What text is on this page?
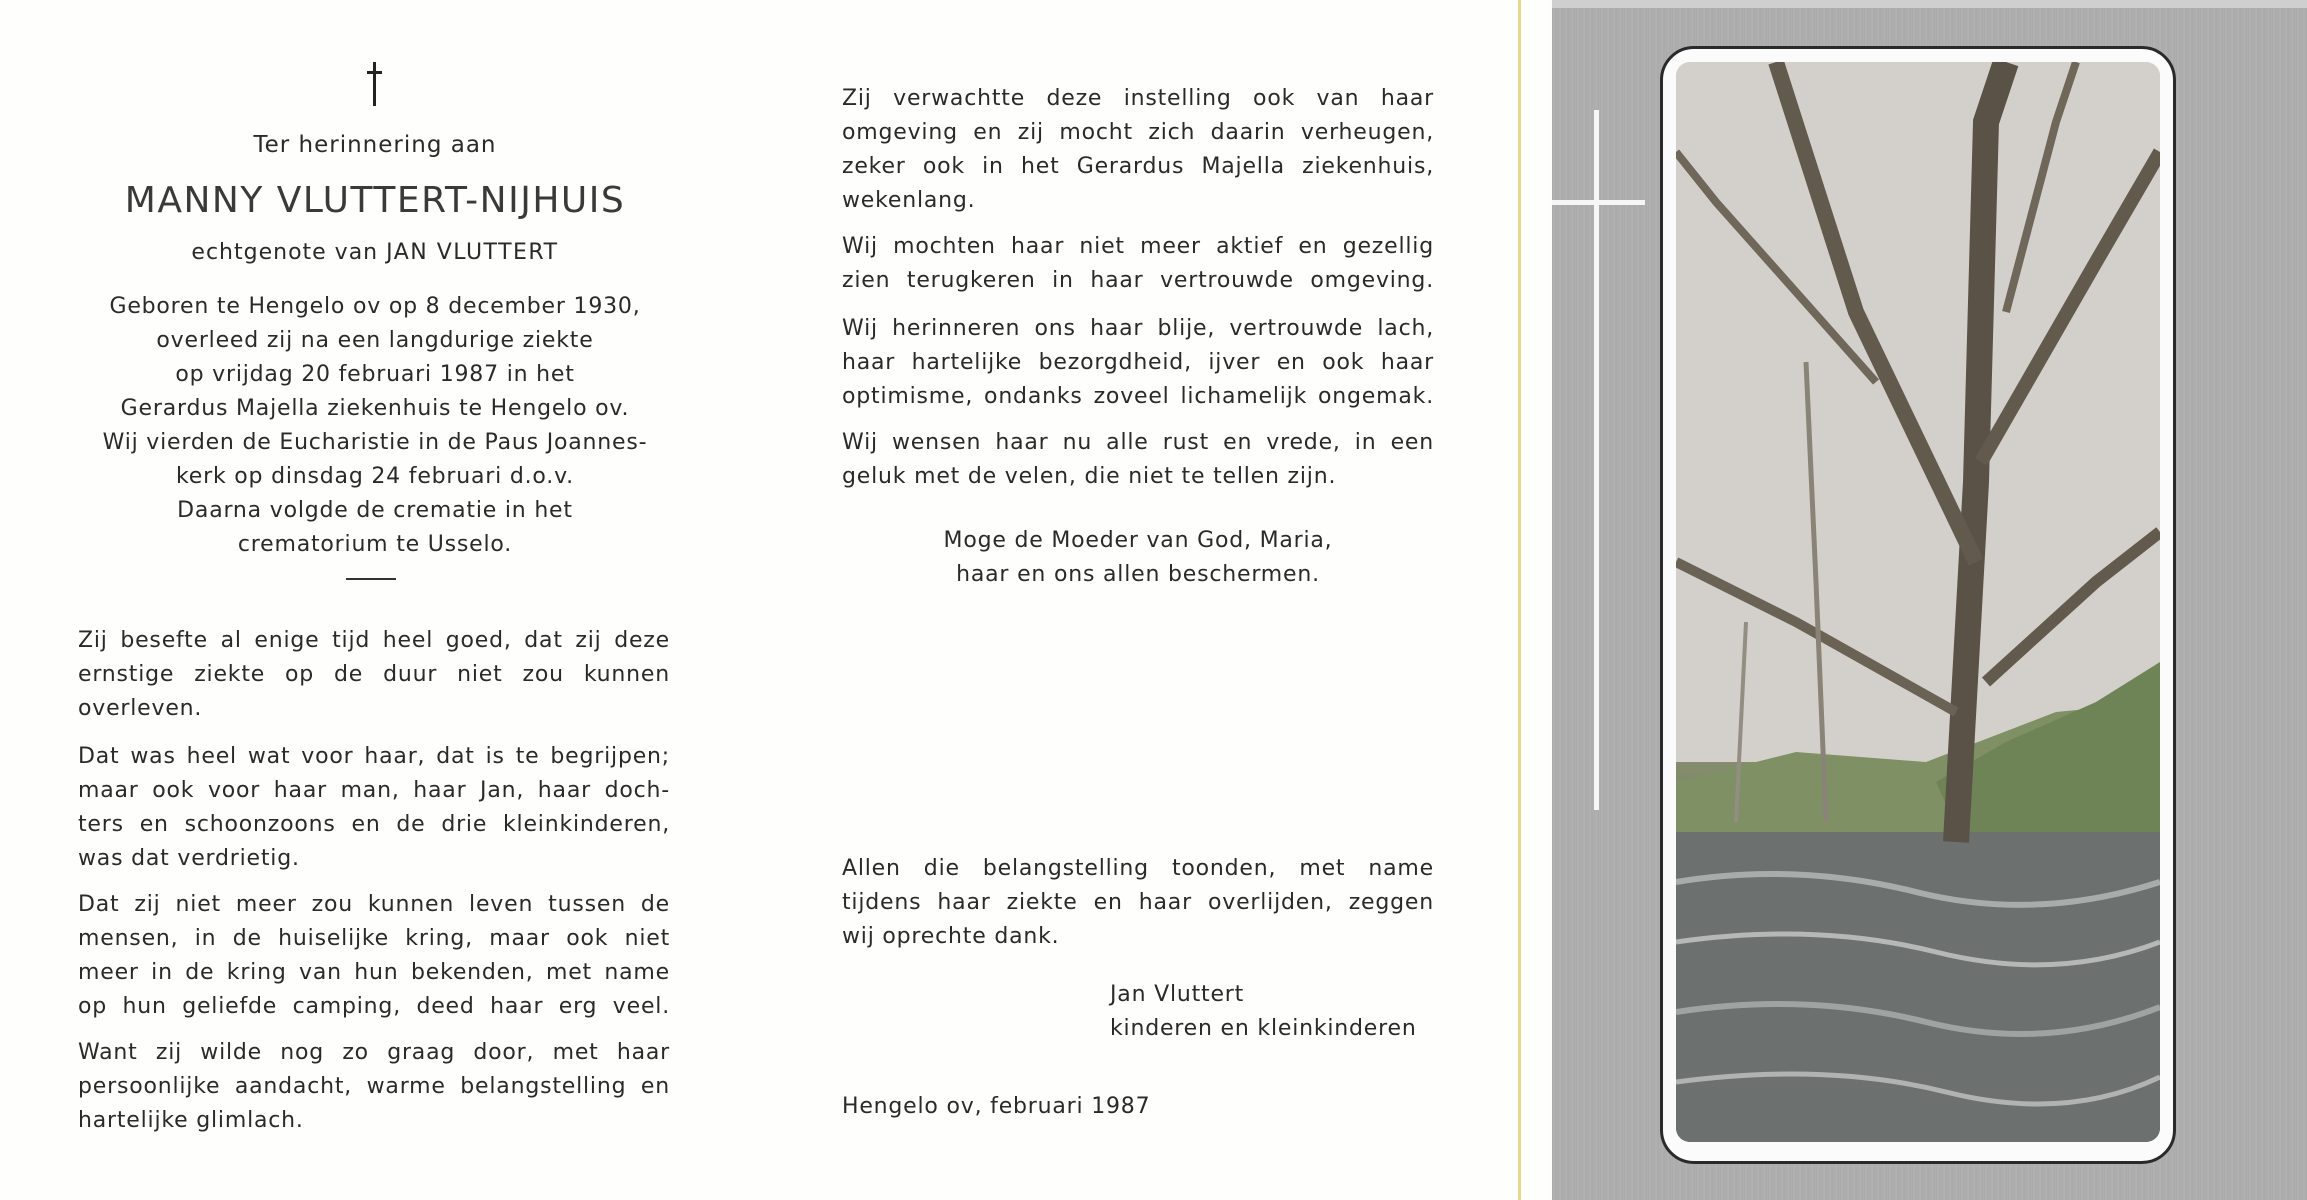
Ter herinnering aan
MANNY VLUTTERT-NIJHUIS
echtgenote van JAN VLUTTERT
Geboren te Hengelo ov op 8 december 1930,
overleed zij na een langdurige ziekte
op vrijdag 20 februari 1987 in het
Gerardus Majella ziekenhuis te Hengelo ov.
Wij vierden de Eucharistie in de Paus Joannes-
kerk op dinsdag 24 februari d.o.v.
Daarna volgde de crematie in het
crematorium te Usselo.
Zij besefte al enige tijd heel goed, dat zij deze
ernstige ziekte op de duur niet zou kunnen
overleven.
Dat was heel wat voor haar, dat is te begrijpen;
maar ook voor haar man, haar Jan, haar doch-
ters en schoonzoons en de drie kleinkinderen,
was dat verdrietig.
Dat zij niet meer zou kunnen leven tussen de
mensen, in de huiselijke kring, maar ook niet
meer in de kring van hun bekenden, met name
op hun geliefde camping, deed haar erg veel.
Want zij wilde nog zo graag door, met haar
persoonlijke aandacht, warme belangstelling en
hartelijke glimlach.
Zij verwachtte deze instelling ook van haar
omgeving en zij mocht zich daarin verheugen,
zeker ook in het Gerardus Majella ziekenhuis,
wekenlang.
Wij mochten haar niet meer aktief en gezellig
zien terugkeren in haar vertrouwde omgeving.
Wij herinneren ons haar blije, vertrouwde lach,
haar hartelijke bezorgdheid, ijver en ook haar
optimisme, ondanks zoveel lichamelijk ongemak.
Wij wensen haar nu alle rust en vrede, in een
geluk met de velen, die niet te tellen zijn.
Moge de Moeder van God, Maria,
haar en ons allen beschermen.
Allen die belangstelling toonden, met name
tijdens haar ziekte en haar overlijden, zeggen
wij oprechte dank.
Jan Vluttert
kinderen en kleinkinderen
Hengelo ov, februari 1987
